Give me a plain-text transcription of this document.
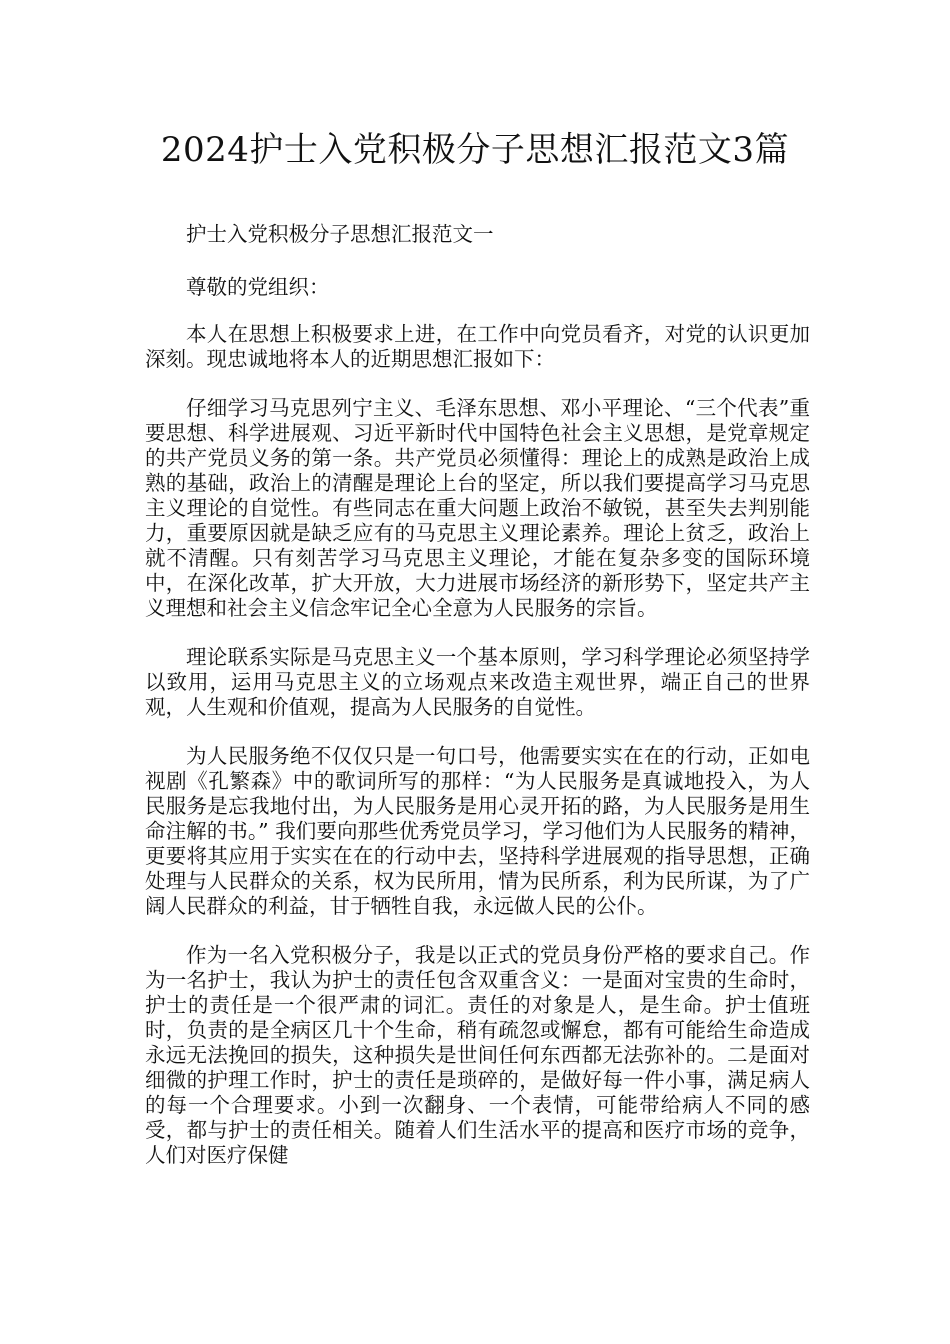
2024护士入党积极分子思想汇报范文3篇

护士入党积极分子思想汇报范文一

尊敬的党组织：

本人在思想上积极要求上进，在工作中向党员看齐，对党的认识更加深刻。现忠诚地将本人的近期思想汇报如下：

仔细学习马克思列宁主义、毛泽东思想、邓小平理论、“三个代表”重要思想、科学进展观、习近平新时代中国特色社会主义思想，是党章规定的共产党员义务的第一条。共产党员必须懂得：理论上的成熟是政治上成熟的基础，政治上的清醒是理论上台的坚定，所以我们要提高学习马克思主义理论的自觉性。有些同志在重大问题上政治不敏锐，甚至失去判别能力，重要原因就是缺乏应有的马克思主义理论素养。理论上贫乏，政治上就不清醒。只有刻苦学习马克思主义理论，才能在复杂多变的国际环境中，在深化改革，扩大开放，大力进展市场经济的新形势下，坚定共产主义理想和社会主义信念牢记全心全意为人民服务的宗旨。

理论联系实际是马克思主义一个基本原则，学习科学理论必须坚持学以致用，运用马克思主义的立场观点来改造主观世界，端正自己的世界观，人生观和价值观，提高为人民服务的自觉性。

为人民服务绝不仅仅只是一句口号，他需要实实在在的行动，正如电视剧《孔繁森》中的歌词所写的那样：“为人民服务是真诚地投入，为人民服务是忘我地付出，为人民服务是用心灵开拓的路，为人民服务是用生命注解的书。” 我们要向那些优秀党员学习，学习他们为人民服务的精神，更要将其应用于实实在在的行动中去，坚持科学进展观的指导思想，正确处理与人民群众的关系，权为民所用，情为民所系，利为民所谋，为了广阔人民群众的利益，甘于牺牲自我，永远做人民的公仆。

作为一名入党积极分子，我是以正式的党员身份严格的要求自己。作为一名护士，我认为护士的责任包含双重含义：一是面对宝贵的生命时，护士的责任是一个很严肃的词汇。责任的对象是人，是生命。护士值班时，负责的是全病区几十个生命，稍有疏忽或懈怠，都有可能给生命造成永远无法挽回的损失，这种损失是世间任何东西都无法弥补的。二是面对细微的护理工作时，护士的责任是琐碎的，是做好每一件小事，满足病人的每一个合理要求。小到一次翻身、一个表情，可能带给病人不同的感受，都与护士的责任相关。随着人们生活水平的提高和医疗市场的竞争，人们对医疗保健
